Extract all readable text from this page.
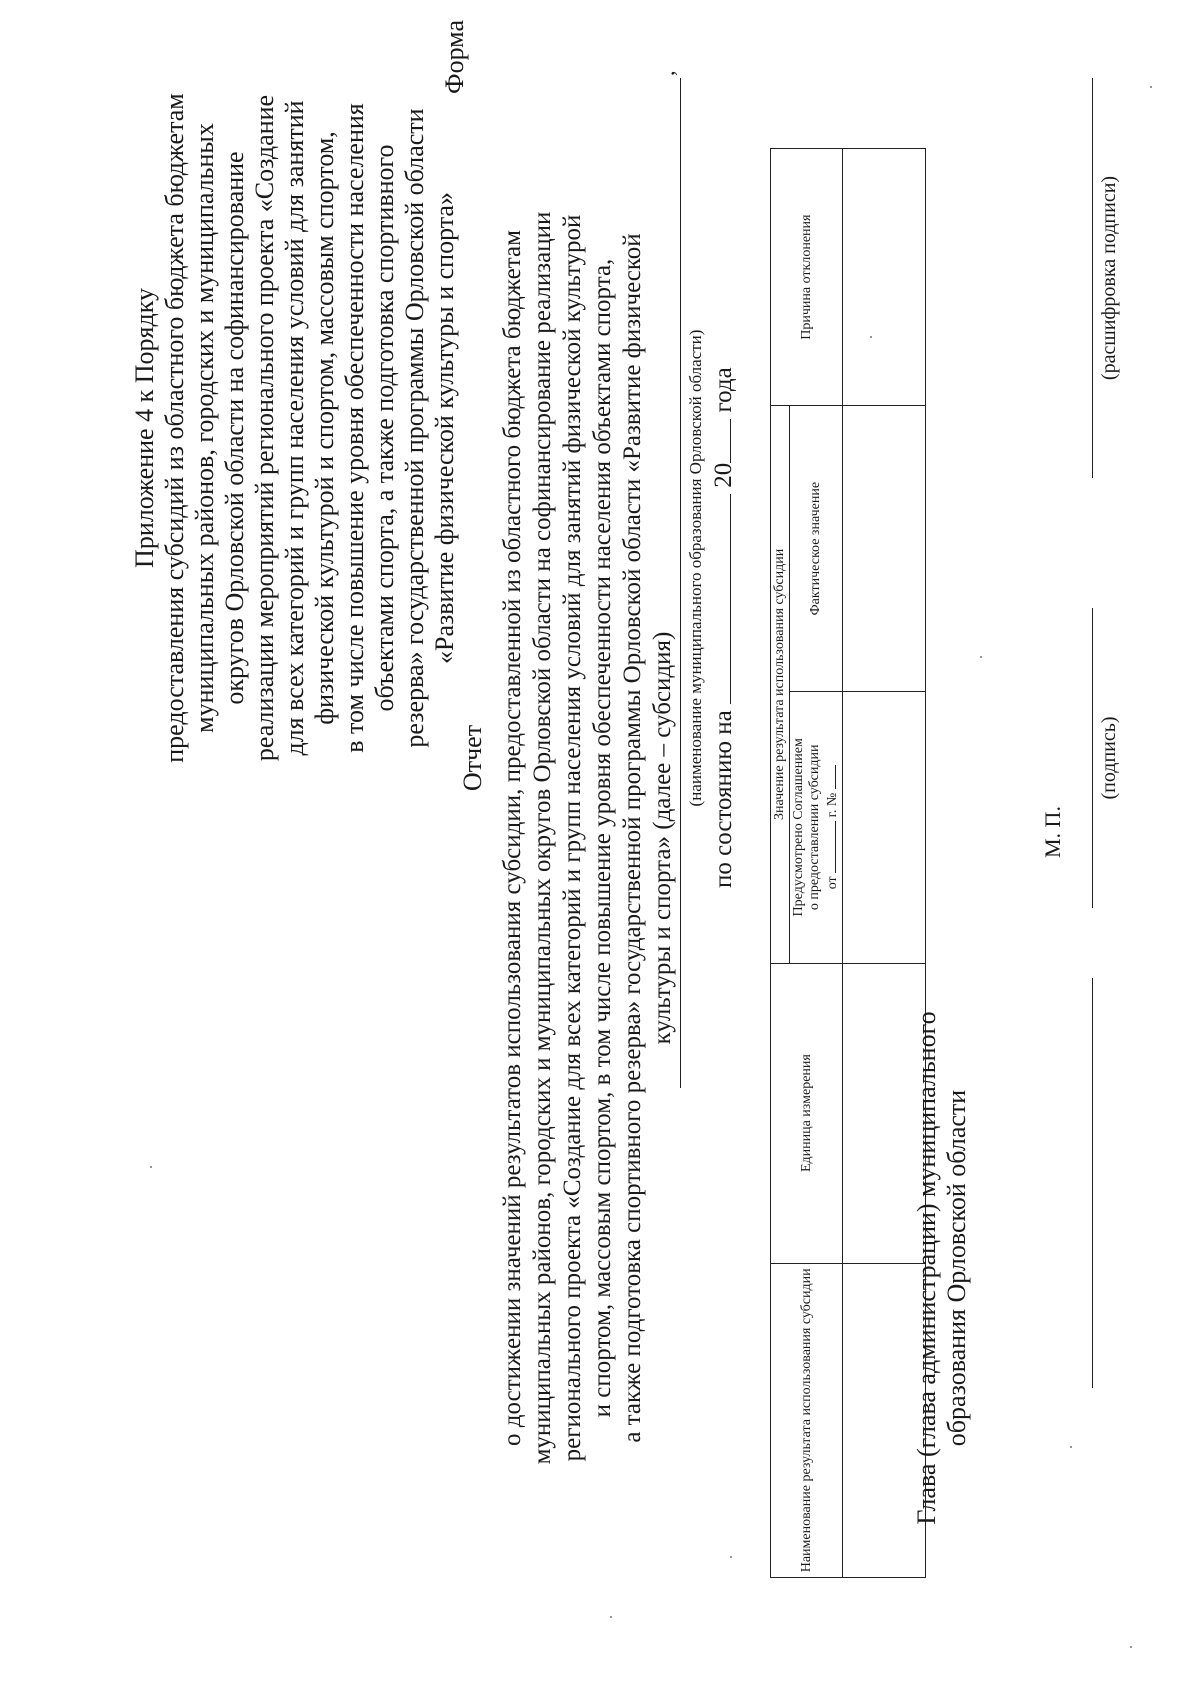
Приложение 4 к Порядку предоставления субсидий из областного бюджета бюджетам муниципальных районов, городских и муниципальных округов Орловской области на софинансирование реализации мероприятий регионального проекта «Создание для всех категорий и групп населения условий для занятий физической культурой и спортом, массовым спортом, в том числе повышение уровня обеспеченности населения объектами спорта, а также подготовка спортивного резерва» государственной программы Орловской области «Развитие физической культуры и спорта»
Форма
Отчет о достижении значений результатов использования субсидии, предоставленной из областного бюджета бюджетам муниципальных районов, городских и муниципальных округов Орловской области на софинансирование реализации регионального проекта «Создание для всех категорий и групп населения условий для занятий физической культурой и спортом, массовым спортом, в том числе повышение уровня обеспеченности населения объектами спорта, а также подготовка спортивного резерва» государственной программы Орловской области «Развитие физической культуры и спорта» (далее – субсидия)
,
(наименование муниципального образования Орловской области) по состоянию на  20 года
Наименование результата использования субсидии	Единица измерения	Значение результата использования субсидии		Причина отклонения

		Предусмотрено Соглашением о предоставлении субсидии от  г. №	Фактическое значение	

Глава (глава администрации) муниципального образования Орловской области
М. П.
(подпись)
(расшифровка подписи)
